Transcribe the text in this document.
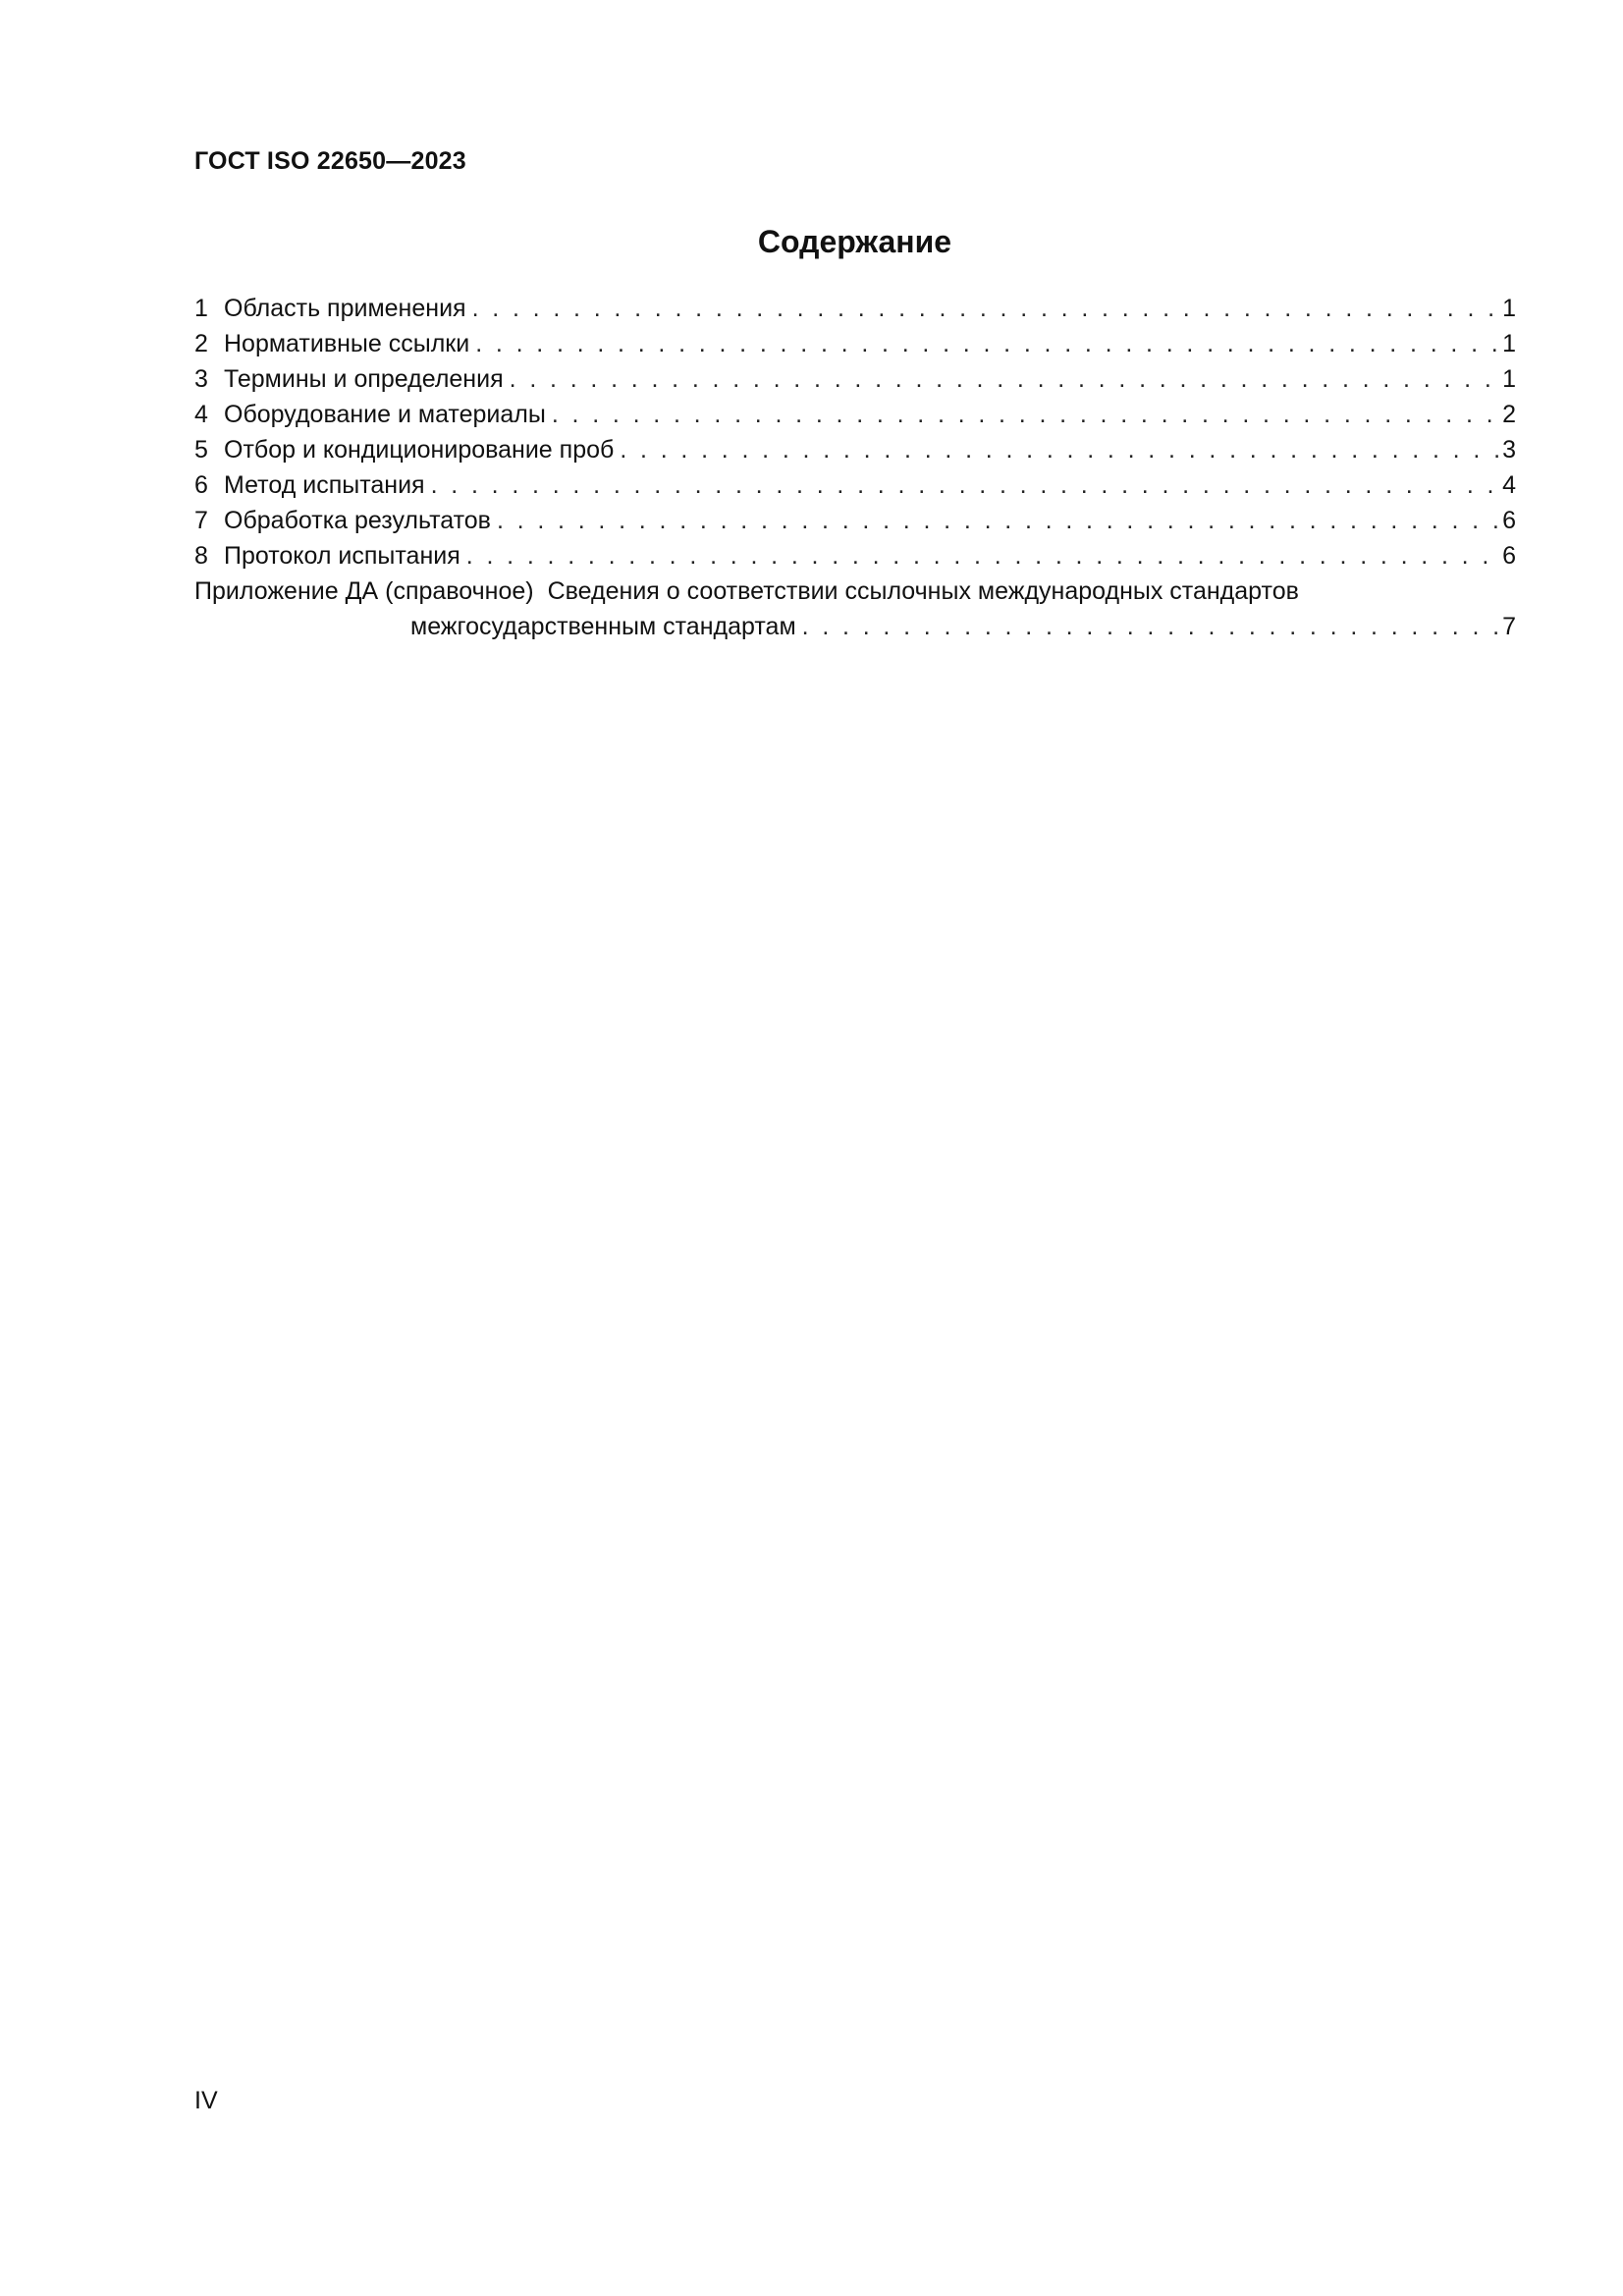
ГОСТ ISO 22650—2023
Содержание
1 Область применения . . .	1
2 Нормативные ссылки . . .	1
3 Термины и определения . . .	1
4 Оборудование и материалы . . .	2
5 Отбор и кондиционирование проб . . .	3
6 Метод испытания . . .	4
7 Обработка результатов . . .	6
8 Протокол испытания . . .	6
Приложение ДА (справочное) Сведения о соответствии ссылочных международных стандартов
межгосударственным стандартам . . .	7
IV
